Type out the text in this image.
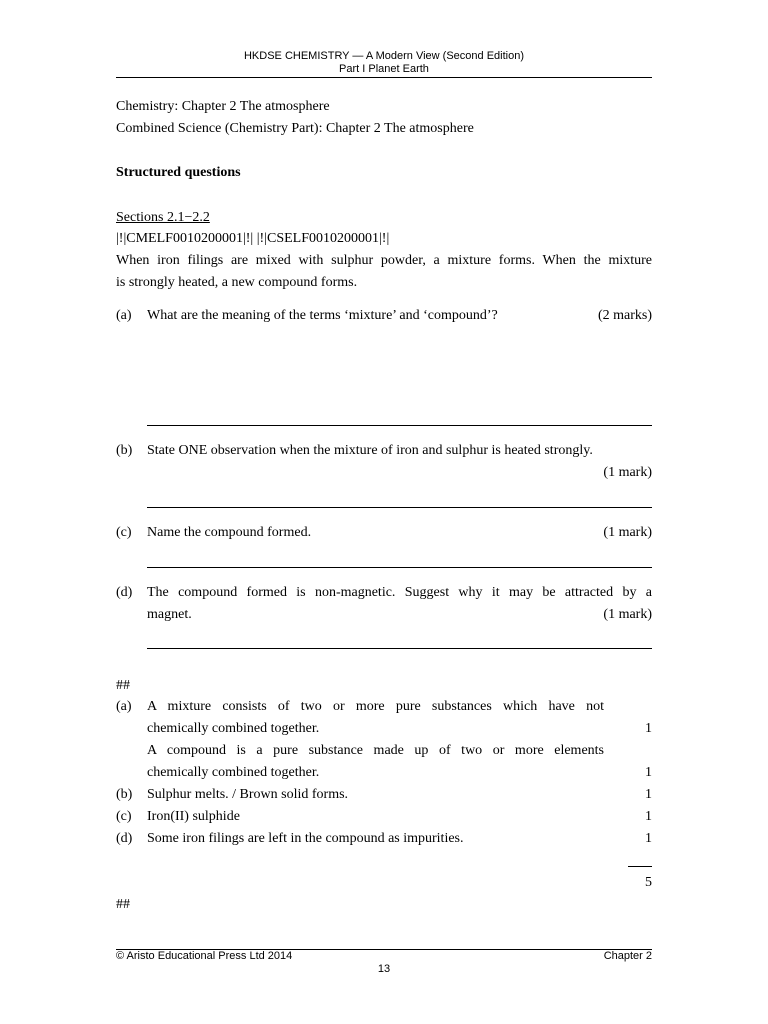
HKDSE CHEMISTRY — A Modern View (Second Edition)
Part I Planet Earth
Chemistry: Chapter 2 The atmosphere
Combined Science (Chemistry Part): Chapter 2 The atmosphere
Structured questions
Sections 2.1−2.2
|!|CMELF0010200001|!| |!|CSELF0010200001|!|
When iron filings are mixed with sulphur powder, a mixture forms. When the mixture
is strongly heated, a new compound forms.
(a) What are the meaning of the terms ‘mixture’ and ‘compound’?	(2 marks)
(b) State ONE observation when the mixture of iron and sulphur is heated strongly.
(1 mark)
(c) Name the compound formed.	(1 mark)
(d) The compound formed is non-magnetic. Suggest why it may be attracted by a
magnet.	(1 mark)
##
(a) A mixture consists of two or more pure substances which have not
chemically combined together.	1
A compound is a pure substance made up of two or more elements
chemically combined together.	1
(b) Sulphur melts. / Brown solid forms.	1
(c) Iron(II) sulphide	1
(d) Some iron filings are left in the compound as impurities.	1
5
##
© Aristo Educational Press Ltd 2014	Chapter 2
13
